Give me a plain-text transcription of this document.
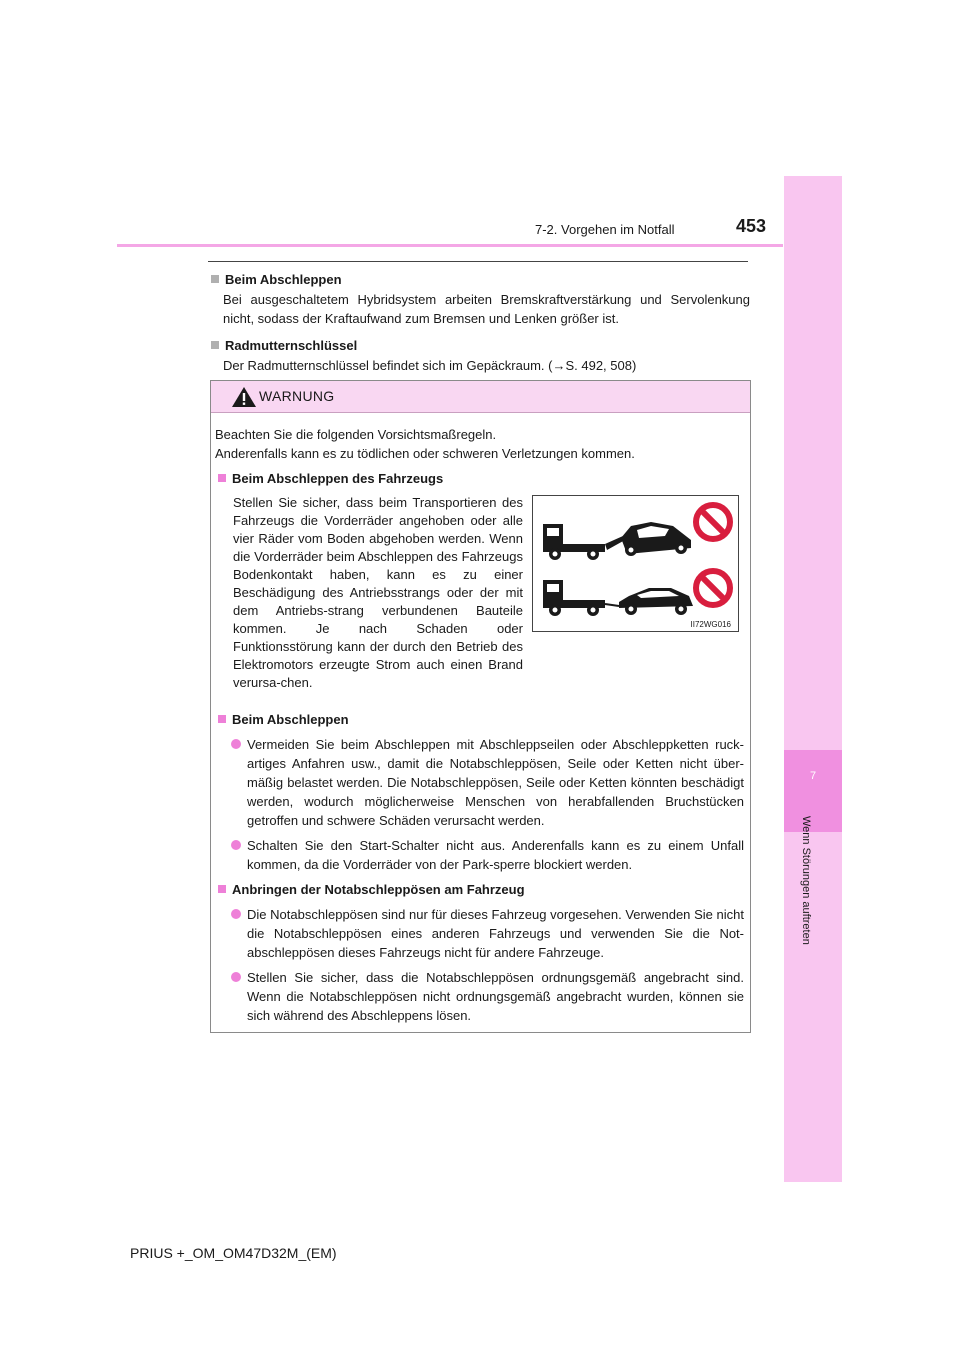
7
Wenn Störungen auftreten
7-2. Vorgehen im Notfall	453

Beim Abschleppen

Bei ausgeschaltetem Hybridsystem arbeiten Bremskraftverstärkung und Servolenkung nicht, sodass der Kraftaufwand zum Bremsen und Lenken größer ist.

Radmutternschlüssel

Der Radmutternschlüssel befindet sich im Gepäckraum. (→S. 492, 508)

WARNUNG

Beachten Sie die folgenden Vorsichtsmaßregeln.

Anderenfalls kann es zu tödlichen oder schweren Verletzungen kommen.

Beim Abschleppen des Fahrzeugs

Stellen Sie sicher, dass beim Transportieren des Fahrzeugs die Vorderräder angehoben oder alle vier Räder vom Boden abgehoben werden. Wenn die Vorderräder beim Abschleppen des Fahrzeugs Bodenkontakt haben, kann es zu einer Beschädigung des Antriebsstrangs oder der mit dem Antriebs-strang verbundenen Bauteile kommen. Je nach Schaden oder Funktionsstörung kann der durch den Betrieb des Elektromotors erzeugte Strom auch einen Brand verursa-chen.
II72WG016

Beim Abschleppen

Vermeiden Sie beim Abschleppen mit Abschleppseilen oder Abschleppketten ruck-artiges Anfahren usw., damit die Notabschleppösen, Seile oder Ketten nicht über-mäßig belastet werden. Die Notabschleppösen, Seile oder Ketten könnten beschädigt werden, wodurch möglicherweise Menschen von herabfallenden Bruchstücken getroffen und schwere Schäden verursacht werden.

Schalten Sie den Start-Schalter nicht aus. Anderenfalls kann es zu einem Unfall kommen, da die Vorderräder von der Park-sperre blockiert werden.

Anbringen der Notabschleppösen am Fahrzeug

Die Notabschleppösen sind nur für dieses Fahrzeug vorgesehen. Verwenden Sie nicht die Notabschleppösen eines anderen Fahrzeugs und verwenden Sie die Not-abschleppösen dieses Fahrzeugs nicht für andere Fahrzeuge.

Stellen Sie sicher, dass die Notabschleppösen ordnungsgemäß angebracht sind. Wenn die Notabschleppösen nicht ordnungsgemäß angebracht wurden, können sie sich während des Abschleppens lösen.

PRIUS +_OM_OM47D32M_(EM)
